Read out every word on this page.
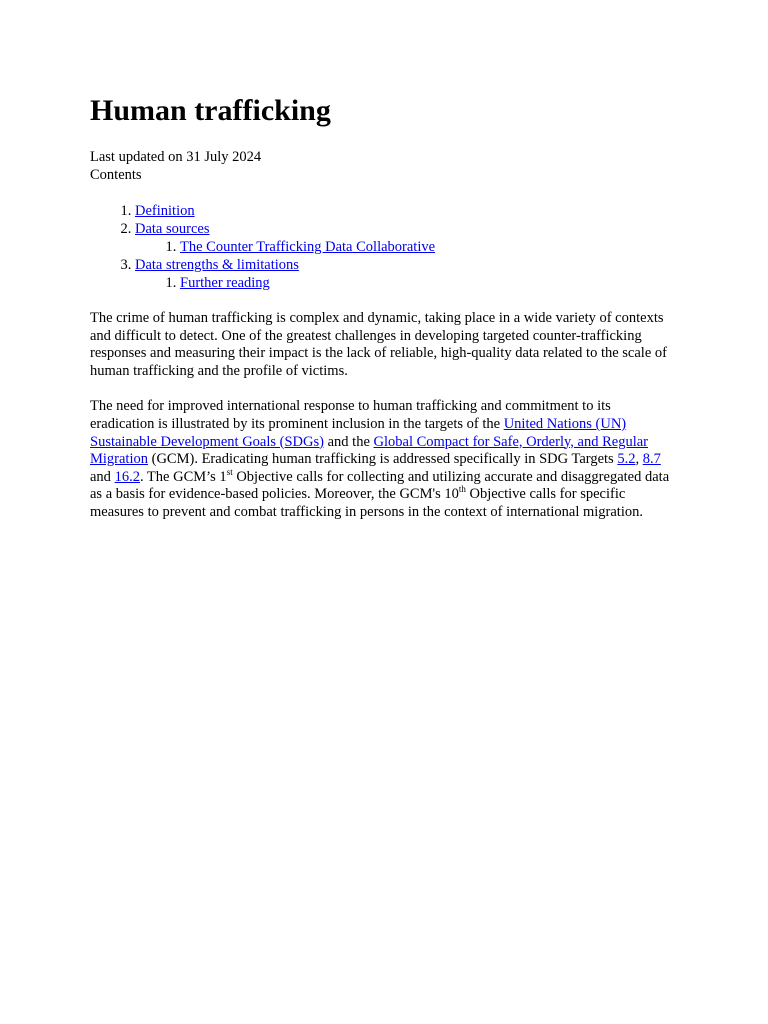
Human trafficking
Last updated on 31 July 2024
Contents
1. Definition
2. Data sources
1. The Counter Trafficking Data Collaborative
3. Data strengths & limitations
1. Further reading

The crime of human trafficking is complex and dynamic, taking place in a wide variety of contexts and difficult to detect. One of the greatest challenges in developing targeted counter-trafficking responses and measuring their impact is the lack of reliable, high-quality data related to the scale of human trafficking and the profile of victims.

The need for improved international response to human trafficking and commitment to its eradication is illustrated by its prominent inclusion in the targets of the United Nations (UN) Sustainable Development Goals (SDGs) and the Global Compact for Safe, Orderly, and Regular Migration (GCM). Eradicating human trafficking is addressed specifically in SDG Targets 5.2, 8.7 and 16.2. The GCM’s 1st Objective calls for collecting and utilizing accurate and disaggregated data as a basis for evidence-based policies. Moreover, the GCM's 10th Objective calls for specific measures to prevent and combat trafficking in persons in the context of international migration.
